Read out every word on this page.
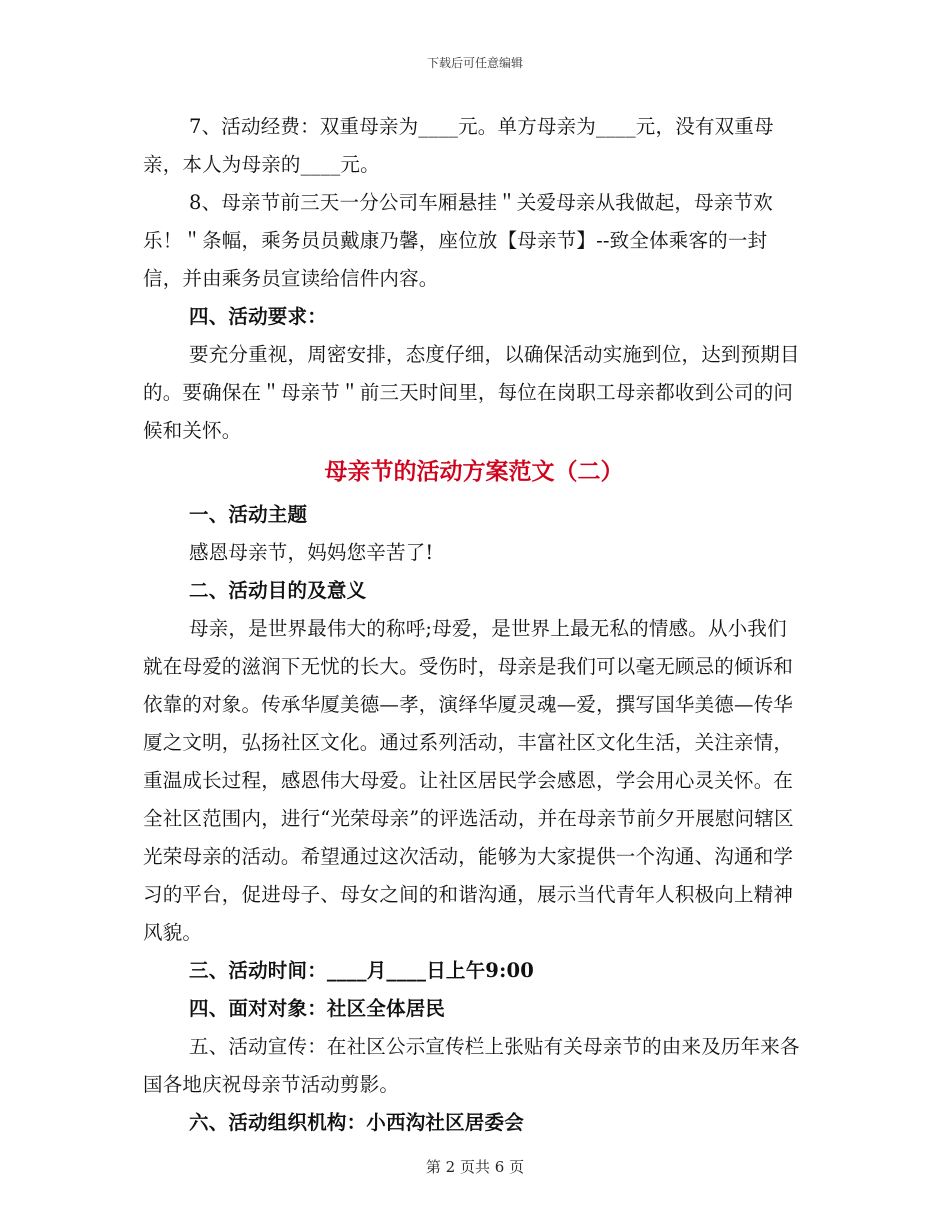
下载后可任意编辑

7、活动经费：双重母亲为____元。单方母亲为____元，没有双重母亲，本人为母亲的____元。

8、母亲节前三天一分公司车厢悬挂＂关爱母亲从我做起，母亲节欢乐！＂条幅，乘务员员戴康乃馨，座位放【母亲节】--致全体乘客的一封信，并由乘务员宣读给信件内容。

四、活动要求：

要充分重视，周密安排，态度仔细，以确保活动实施到位，达到预期目的。要确保在＂母亲节＂前三天时间里，每位在岗职工母亲都收到公司的问候和关怀。

母亲节的活动方案范文（二）

一、活动主题

感恩母亲节，妈妈您辛苦了!

二、活动目的及意义

母亲，是世界最伟大的称呼;母爱，是世界上最无私的情感。从小我们就在母爱的滋润下无忧的长大。受伤时，母亲是我们可以毫无顾忌的倾诉和依靠的对象。传承华厦美德—孝，演绎华厦灵魂—爱，撰写国华美德—传华厦之文明，弘扬社区文化。通过系列活动，丰富社区文化生活，关注亲情，重温成长过程，感恩伟大母爱。让社区居民学会感恩，学会用心灵关怀。在全社区范围内，进行“光荣母亲”的评选活动，并在母亲节前夕开展慰问辖区光荣母亲的活动。希望通过这次活动，能够为大家提供一个沟通、沟通和学习的平台，促进母子、母女之间的和谐沟通，展示当代青年人积极向上精神风貌。

三、活动时间：____月____日上午9:00

四、面对对象：社区全体居民

五、活动宣传：在社区公示宣传栏上张贴有关母亲节的由来及历年来各国各地庆祝母亲节活动剪影。

六、活动组织机构：小西沟社区居委会

第 2 页共 6 页
